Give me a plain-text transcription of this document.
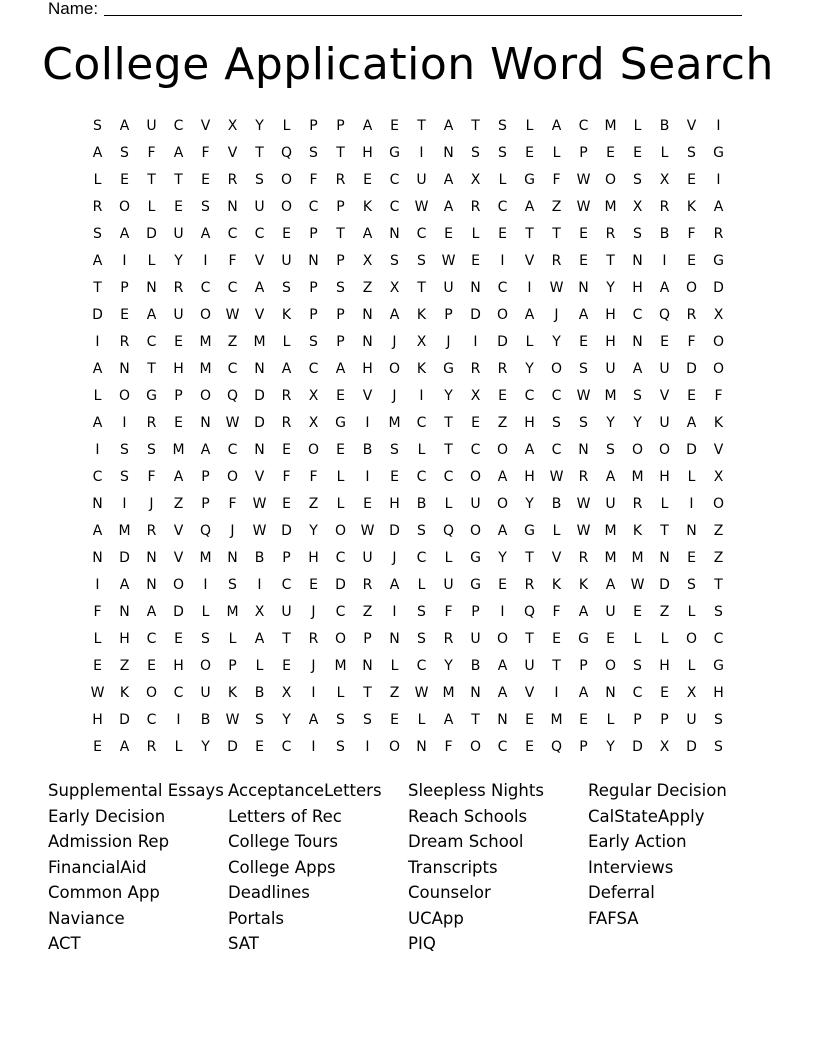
Name:
College Application Word Search
S	A	U	C	V	X	Y	L	P	P	A	E	T	A	T	S	L	A	C	M	L	B	V	I
A	S	F	A	F	V	T	Q	S	T	H	G	I	N	S	S	E	L	P	E	E	L	S	G
L	E	T	T	E	R	S	O	F	R	E	C	U	A	X	L	G	F	W	O	S	X	E	I
R	O	L	E	S	N	U	O	C	P	K	C	W	A	R	C	A	Z	W	M	X	R	K	A
S	A	D	U	A	C	C	E	P	T	A	N	C	E	L	E	T	T	E	R	S	B	F	R
A	I	L	Y	I	F	V	U	N	P	X	S	S	W	E	I	V	R	E	T	N	I	E	G
T	P	N	R	C	C	A	S	P	S	Z	X	T	U	N	C	I	W	N	Y	H	A	O	D
D	E	A	U	O	W	V	K	P	P	N	A	K	P	D	O	A	J	A	H	C	Q	R	X
I	R	C	E	M	Z	M	L	S	P	N	J	X	J	I	D	L	Y	E	H	N	E	F	O
A	N	T	H	M	C	N	A	C	A	H	O	K	G	R	R	Y	O	S	U	A	U	D	O
L	O	G	P	O	Q	D	R	X	E	V	J	I	Y	X	E	C	C	W	M	S	V	E	F
A	I	R	E	N	W	D	R	X	G	I	M	C	T	E	Z	H	S	S	Y	Y	U	A	K
I	S	S	M	A	C	N	E	O	E	B	S	L	T	C	O	A	C	N	S	O	O	D	V
C	S	F	A	P	O	V	F	F	L	I	E	C	C	O	A	H	W	R	A	M	H	L	X
N	I	J	Z	P	F	W	E	Z	L	E	H	B	L	U	O	Y	B	W	U	R	L	I	O
A	M	R	V	Q	J	W	D	Y	O	W	D	S	Q	O	A	G	L	W	M	K	T	N	Z
N	D	N	V	M	N	B	P	H	C	U	J	C	L	G	Y	T	V	R	M	M	N	E	Z
I	A	N	O	I	S	I	C	E	D	R	A	L	U	G	E	R	K	K	A	W	D	S	T
F	N	A	D	L	M	X	U	J	C	Z	I	S	F	P	I	Q	F	A	U	E	Z	L	S
L	H	C	E	S	L	A	T	R	O	P	N	S	R	U	O	T	E	G	E	L	L	O	C
E	Z	E	H	O	P	L	E	J	M	N	L	C	Y	B	A	U	T	P	O	S	H	L	G
W	K	O	C	U	K	B	X	I	L	T	Z	W	M	N	A	V	I	A	N	C	E	X	H
H	D	C	I	B	W	S	Y	A	S	S	E	L	A	T	N	E	M	E	L	P	P	U	S
E	A	R	L	Y	D	E	C	I	S	I	O	N	F	O	C	E	Q	P	Y	D	X	D	S
Supplemental Essays
Early Decision
Admission Rep
FinancialAid
Common App
Naviance
ACT
AcceptanceLetters
Letters of Rec
College Tours
College Apps
Deadlines
Portals
SAT
Sleepless Nights
Reach Schools
Dream School
Transcripts
Counselor
UCApp
PIQ
Regular Decision
CalStateApply
Early Action
Interviews
Deferral
FAFSA
